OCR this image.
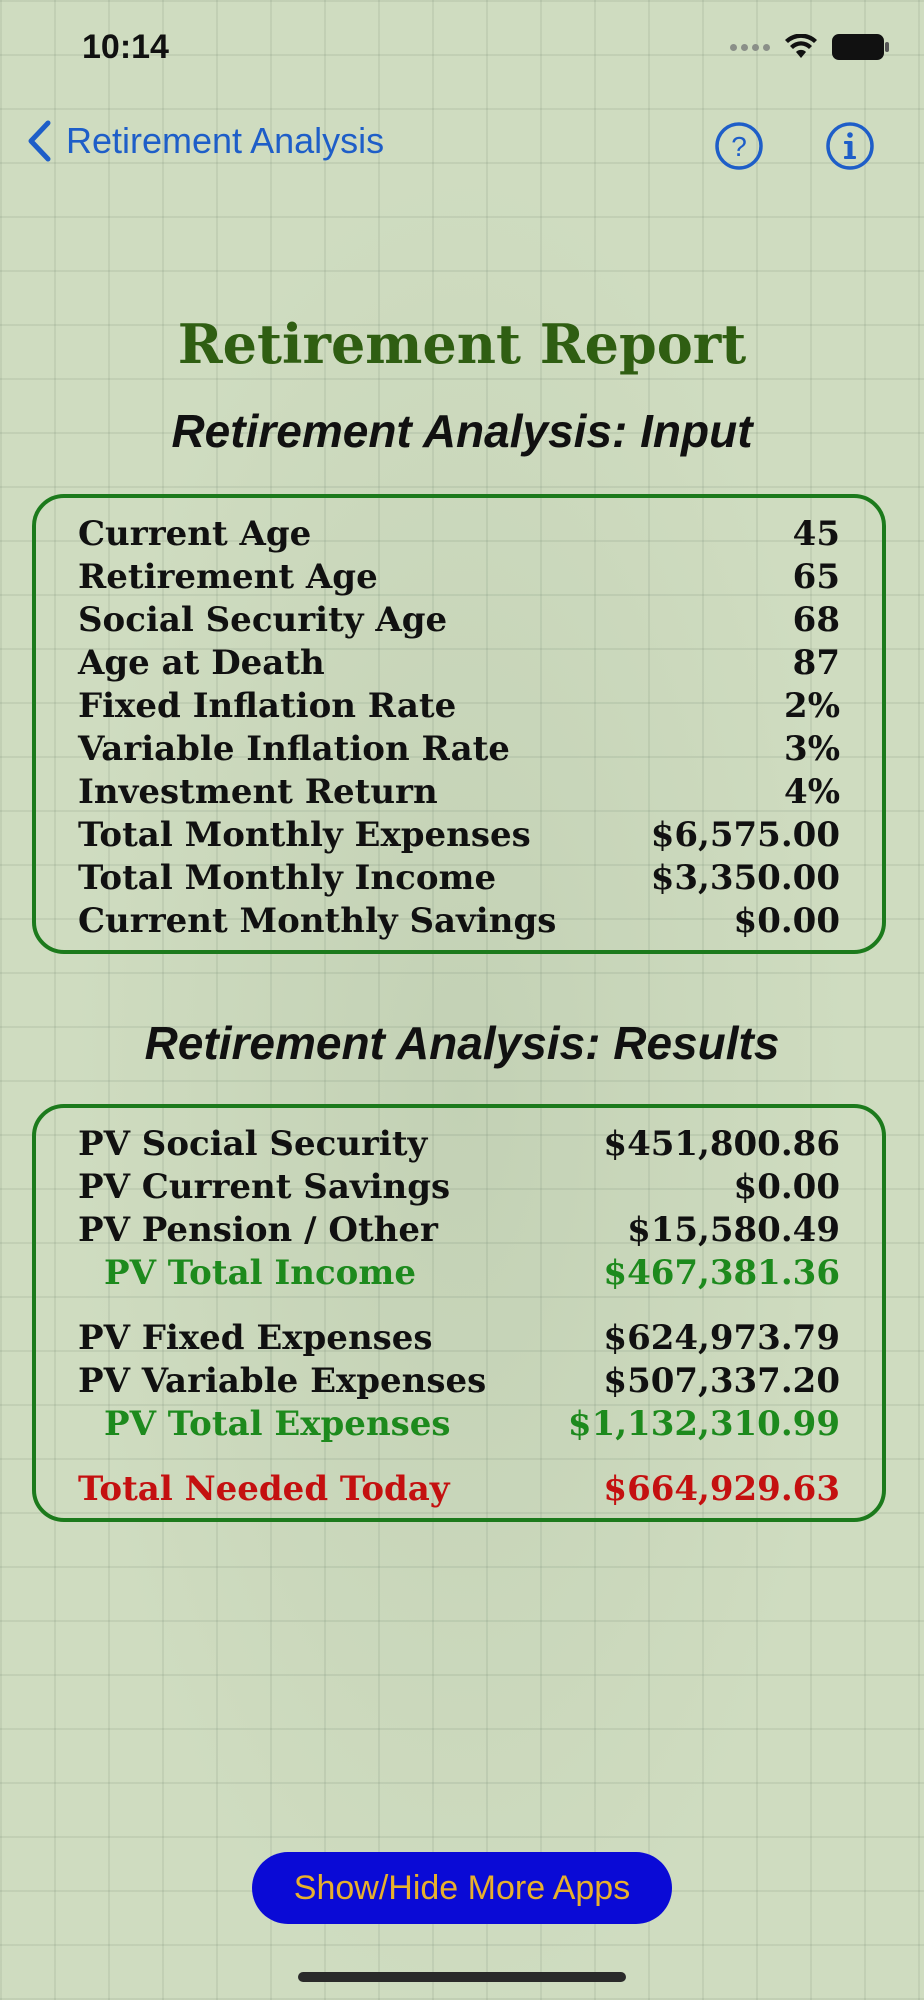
10:14
Retirement Analysis	?
Retirement Report
Retirement Analysis: Input
Current Age	45
Retirement Age	65
Social Security Age	68
Age at Death	87
Fixed Inflation Rate	2%
Variable Inflation Rate	3%
Investment Return	4%
Total Monthly Expenses	$6,575.00
Total Monthly Income	$3,350.00
Current Monthly Savings	$0.00
Retirement Analysis: Results
PV Social Security	$451,800.86
PV Current Savings	$0.00
PV Pension / Other	$15,580.49
PV Total Income	$467,381.36
PV Fixed Expenses	$624,973.79
PV Variable Expenses	$507,337.20
PV Total Expenses	$1,132,310.99
Total Needed Today	$664,929.63
Show/Hide More Apps
